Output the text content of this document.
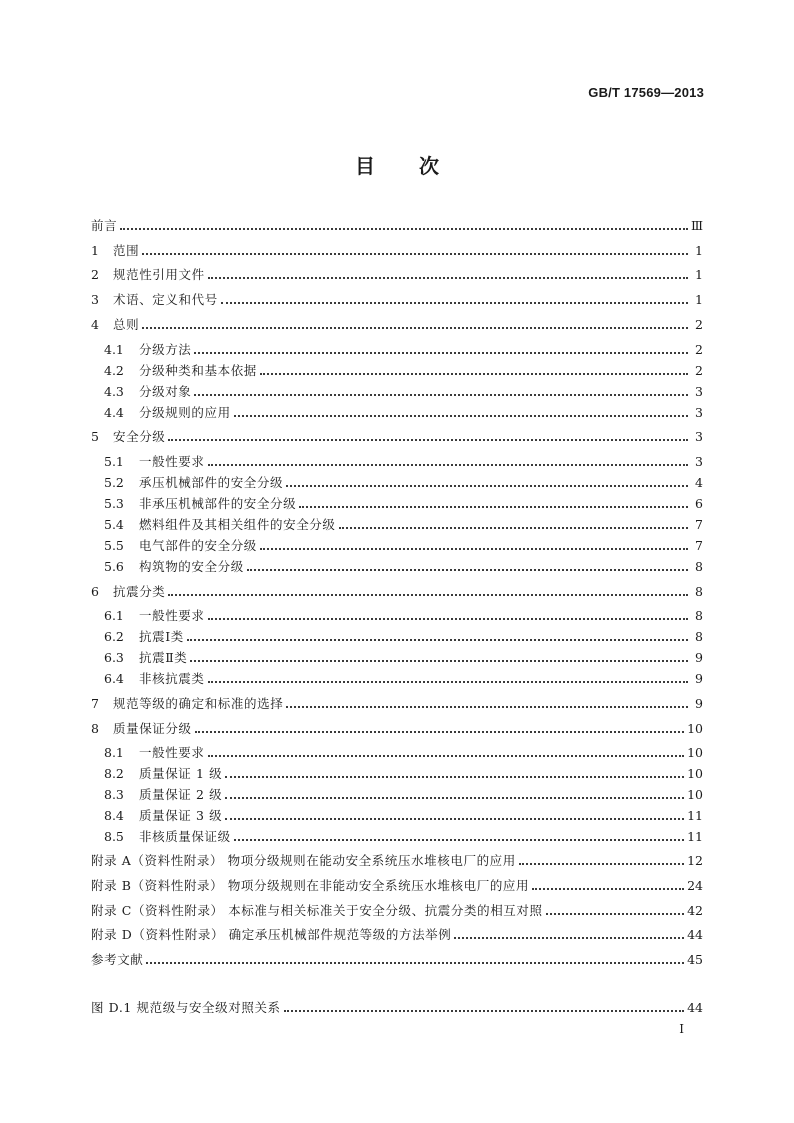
GB/T 17569—2013
目次
前言	Ⅲ
1	范围	1
2	规范性引用文件	1
3	术语、定义和代号	1
4	总则	2
4.1	分级方法	2
4.2	分级种类和基本依据	2
4.3	分级对象	3
4.4	分级规则的应用	3
5	安全分级	3
5.1	一般性要求	3
5.2	承压机械部件的安全分级	4
5.3	非承压机械部件的安全分级	6
5.4	燃料组件及其相关组件的安全分级	7
5.5	电气部件的安全分级	7
5.6	构筑物的安全分级	8
6	抗震分类	8
6.1	一般性要求	8
6.2	抗震Ⅰ类	8
6.3	抗震Ⅱ类	9
6.4	非核抗震类	9
7	规范等级的确定和标准的选择	9
8	质量保证分级	10
8.1	一般性要求	10
8.2	质量保证 1 级	10
8.3	质量保证 2 级	10
8.4	质量保证 3 级	11
8.5	非核质量保证级	11
附录 A（资料性附录） 物项分级规则在能动安全系统压水堆核电厂的应用	12
附录 B（资料性附录） 物项分级规则在非能动安全系统压水堆核电厂的应用	24
附录 C（资料性附录） 本标准与相关标准关于安全分级、抗震分类的相互对照	42
附录 D（资料性附录） 确定承压机械部件规范等级的方法举例	44
参考文献	45
图 D.1 规范级与安全级对照关系	44
I
